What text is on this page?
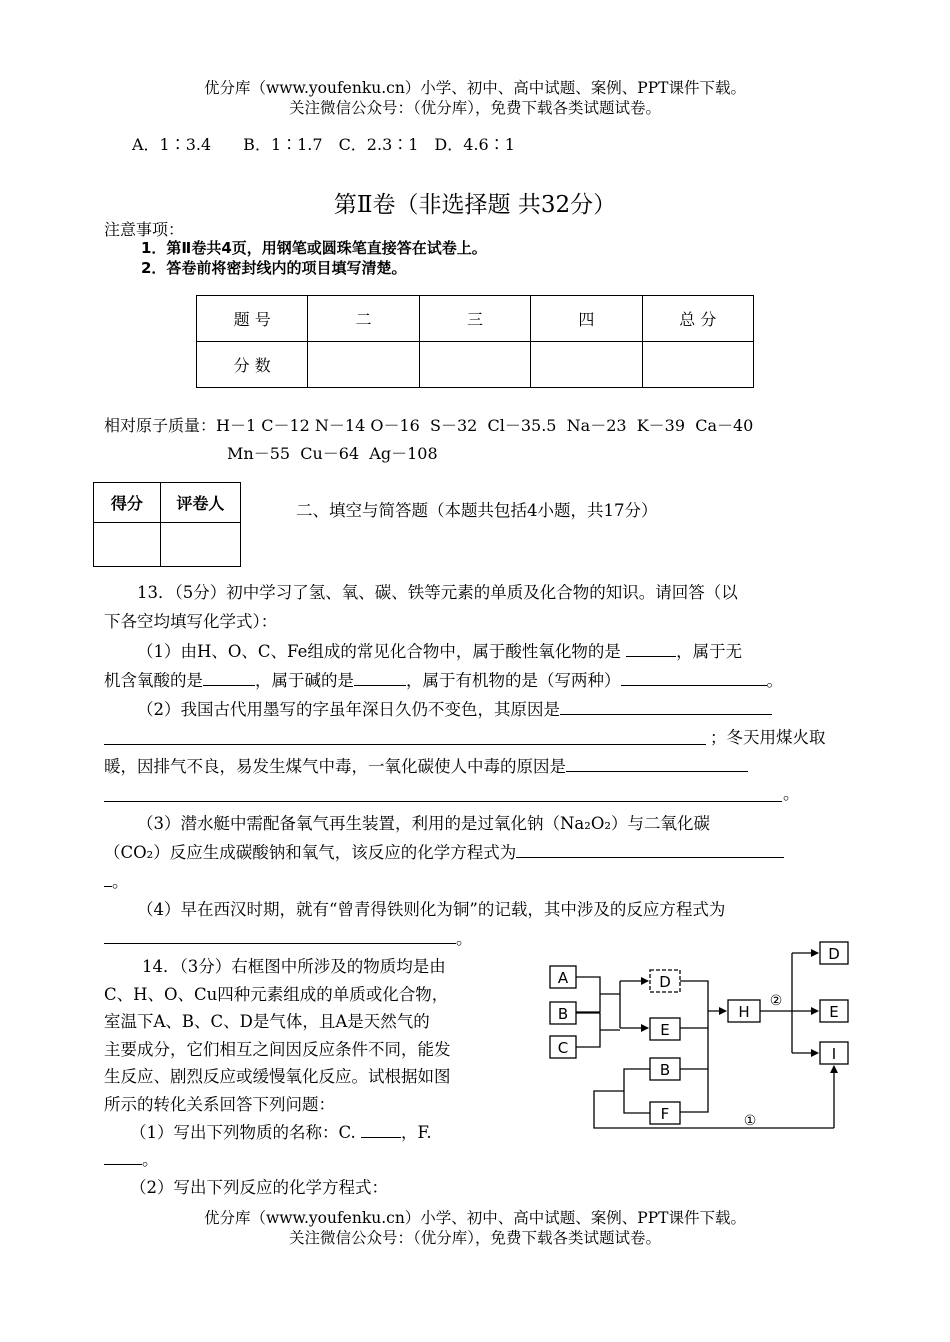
优分库（www.youfenku.cn）小学、初中、高中试题、案例、PPT课件下载。
关注微信公众号：（优分库），免费下载各类试题试卷。
A．1∶3.4　　B．1∶1.7　C．2.3∶1　D．4.6∶1
第Ⅱ卷（非选择题 共32分）
注意事项：
1．第Ⅱ卷共4页，用钢笔或圆珠笔直接答在试卷上。
2．答卷前将密封线内的项目填写清楚。
题 号	二	三	四	总 分
分 数				
相对原子质量：H－1 C－12 N－14 O－16  S－32  Cl－35.5  Na－23  K－39  Ca－40
Mn－55  Cu－64  Ag－108
得分	评卷人
		二、填空与简答题（本题共包括4小题，共17分）
13．（5分）初中学习了氢、氧、碳、铁等元素的单质及化合物的知识。请回答（以
下各空均填写化学式）：
（1）由H、O、C、Fe组成的常见化合物中，属于酸性氧化物的是	，属于无
机含氧酸的是	，属于碱的是	，属于有机物的是（写两种）	。
（2）我国古代用墨写的字虽年深日久仍不变色，其原因是
；冬天用煤火取
暖，因排气不良，易发生煤气中毒，一氧化碳使人中毒的原因是
。
（3）潜水艇中需配备氧气再生装置，利用的是过氧化钠（Na₂O₂）与二氧化碳
（CO₂）反应生成碳酸钠和氧气，该反应的化学方程式为
。
（4）早在西汉时期，就有“曾青得铁则化为铜”的记载，其中涉及的反应方程式为
。
14．（3分）右框图中所涉及的物质均是由
C、H、O、Cu四种元素组成的单质或化合物，
室温下A、B、C、D是气体，且A是天然气的
主要成分，它们相互之间因反应条件不同，能发
生反应、剧烈反应或缓慢氧化反应。试根据如图
所示的转化关系回答下列问题：
（1）写出下列物质的名称：C.	，F.
。
（2）写出下列反应的化学方程式：
A
B
C
D
E
B
F
H
D
E
I
②
①
优分库（www.youfenku.cn）小学、初中、高中试题、案例、PPT课件下载。
关注微信公众号：（优分库），免费下载各类试题试卷。
